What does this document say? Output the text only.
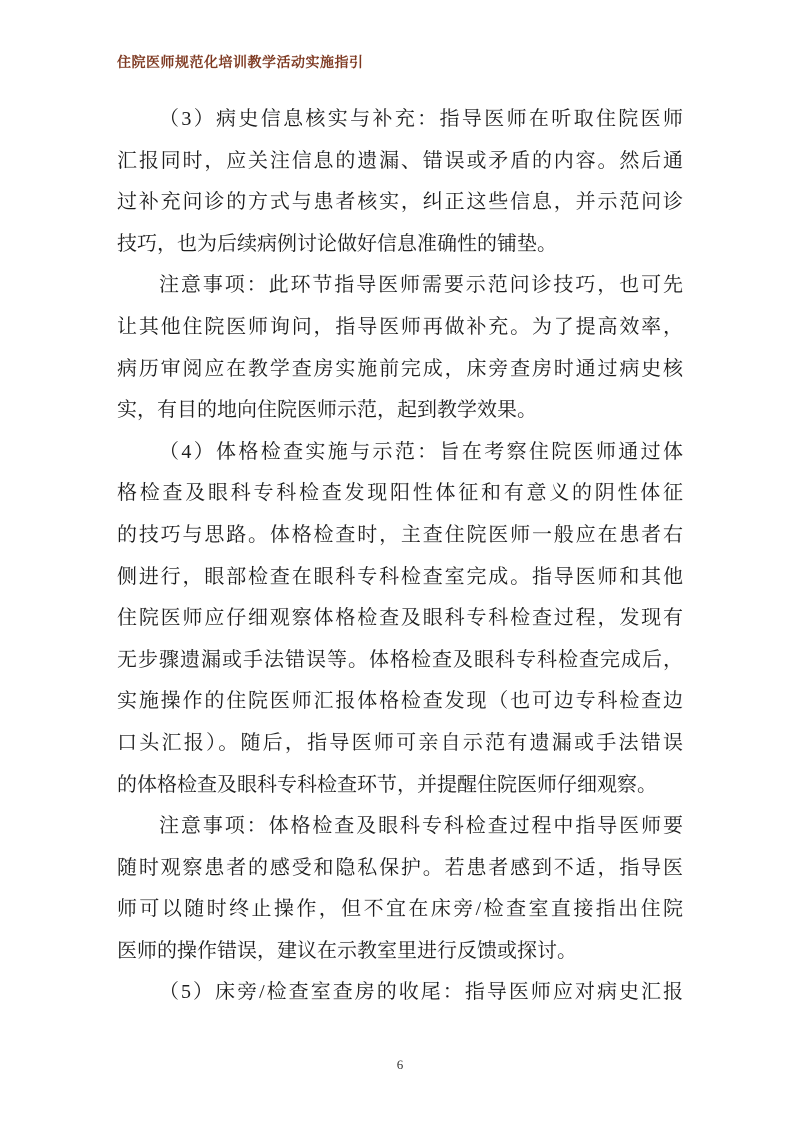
住院医师规范化培训教学活动实施指引

（3）病史信息核实与补充：指导医师在听取住院医师
汇报同时，应关注信息的遗漏、错误或矛盾的内容。然后通
过补充问诊的方式与患者核实，纠正这些信息，并示范问诊
技巧，也为后续病例讨论做好信息准确性的铺垫。

注意事项：此环节指导医师需要示范问诊技巧，也可先
让其他住院医师询问，指导医师再做补充。为了提高效率，
病历审阅应在教学查房实施前完成，床旁查房时通过病史核
实，有目的地向住院医师示范，起到教学效果。

（4）体格检查实施与示范：旨在考察住院医师通过体
格检查及眼科专科检查发现阳性体征和有意义的阴性体征
的技巧与思路。体格检查时，主查住院医师一般应在患者右
侧进行，眼部检查在眼科专科检查室完成。指导医师和其他
住院医师应仔细观察体格检查及眼科专科检查过程，发现有
无步骤遗漏或手法错误等。体格检查及眼科专科检查完成后，
实施操作的住院医师汇报体格检查发现（也可边专科检查边
口头汇报）。随后，指导医师可亲自示范有遗漏或手法错误
的体格检查及眼科专科检查环节，并提醒住院医师仔细观察。

注意事项：体格检查及眼科专科检查过程中指导医师要
随时观察患者的感受和隐私保护。若患者感到不适，指导医
师可以随时终止操作，但不宜在床旁/检查室直接指出住院
医师的操作错误，建议在示教室里进行反馈或探讨。

（5）床旁/检查室查房的收尾：指导医师应对病史汇报

6
